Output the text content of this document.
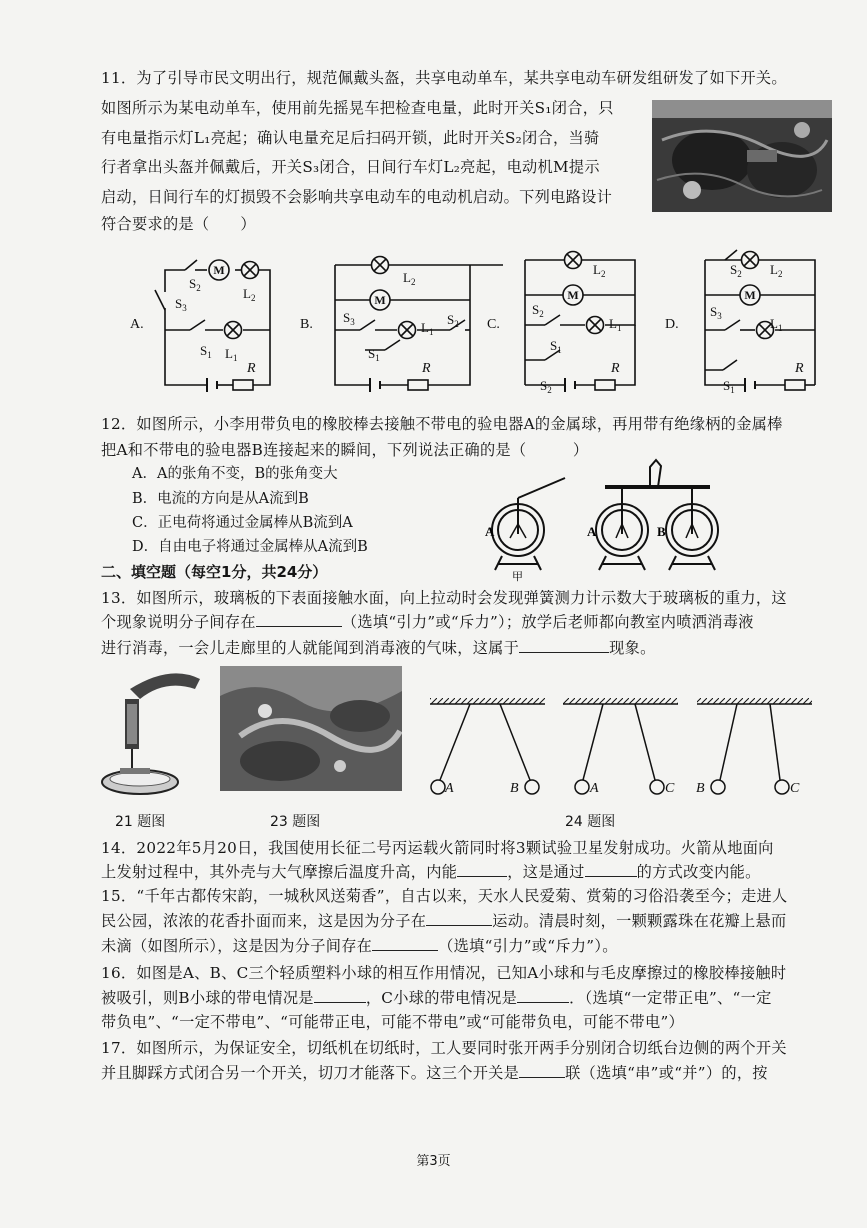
11．为了引导市民文明出行，规范佩戴头盔，共享电动单车，某共享电动车研发组研发了如下开关。
如图所示为某电动单车，使用前先摇晃车把检查电量，此时开关S₁闭合，只
有电量指示灯L₁亮起；确认电量充足后扫码开锁，此时开关S₂闭合，当骑
行者拿出头盔并佩戴后，开关S₃闭合，日间行车灯L₂亮起，电动机M提示
启动，日间行车的灯损毁不会影响共享电动车的电动机启动。下列电路设计
符合要求的是（　　）
M
M	M	M
R	R	R	R
A.	B.	C.	D.
$S_2$
$S_3$
$L_2$
$S_1$ $L_1$
$L_2$
$S_3$	$L_1$
$S_2$
$S_1$
$L_2$
$S_2$
$L_1$
$S_1$
$S_2$
$S_2$ $L_2$
$S_3$	$L_1$
$S_1$
12．如图所示，小李用带负电的橡胶棒去接触不带电的验电器A的金属球，再用带有绝缘柄的金属棒
把A和不带电的验电器B连接起来的瞬间，下列说法正确的是（　　　）
A．A的张角不变，B的张角变大
B．电流的方向是从A流到B
C．正电荷将通过金属棒从B流到A
D．自由电子将通过金属棒从A流到B
A	A	B
甲
二、填空题（每空1分，共24分）
13．如图所示，玻璃板的下表面接触水面，向上拉动时会发现弹簧测力计示数大于玻璃板的重力，这
个现象说明分子间存在	（选填“引力”或“斥力”）；放学后老师都向教室内喷洒消毒液
进行消毒，一会儿走廊里的人就能闻到消毒液的气味，这属于	现象。
A	B	A	C B	C
21 题图	23 题图	24 题图
14．2022年5月20日，我国使用长征二号丙运载火箭同时将3颗试验卫星发射成功。火箭从地面向
上发射过程中，其外壳与大气摩擦后温度升高，内能	，这是通过	的方式改变内能。
15．“千年古都传宋韵，一城秋风送菊香”，自古以来，天水人民爱菊、赏菊的习俗沿袭至今；走进人
民公园，浓浓的花香扑面而来，这是因为分子在	运动。清晨时刻，一颗颗露珠在花瓣上悬而
未滴（如图所示），这是因为分子间存在	（选填“引力”或“斥力”）。
16．如图是A、B、C三个轻质塑料小球的相互作用情况，已知A小球和与毛皮摩擦过的橡胶棒接触时
被吸引，则B小球的带电情况是	，C小球的带电情况是	．（选填“一定带正电”、“一定
带负电”、“一定不带电”、“可能带正电，可能不带电”或“可能带负电，可能不带电”）
17．如图所示，为保证安全，切纸机在切纸时，工人要同时张开两手分别闭合切纸台边侧的两个开关
并且脚踩方式闭合另一个开关，切刀才能落下。这三个开关是	联（选填“串”或“并”）的，按
第3页
